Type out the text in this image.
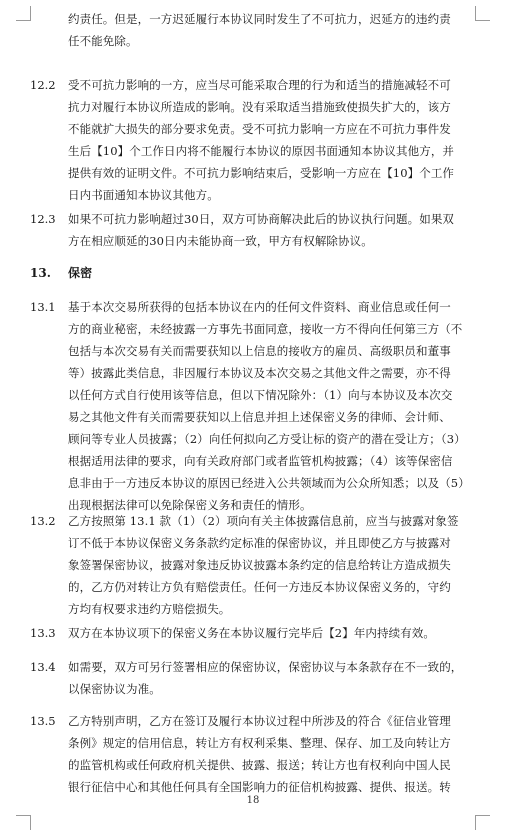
约责任。但是，一方迟延履行本协议同时发生了不可抗力，迟延方的违约责
任不能免除。
12.2	受不可抗力影响的一方，应当尽可能采取合理的行为和适当的措施减轻不可
抗力对履行本协议所造成的影响。没有采取适当措施致使损失扩大的，该方
不能就扩大损失的部分要求免责。受不可抗力影响一方应在不可抗力事件发
生后【10】个工作日内将不能履行本协议的原因书面通知本协议其他方，并
提供有效的证明文件。不可抗力影响结束后，受影响一方应在【10】个工作
日内书面通知本协议其他方。
12.3	如果不可抗力影响超过30日，双方可协商解决此后的协议执行问题。如果双
方在相应顺延的30日内未能协商一致，甲方有权解除协议。
13.	保密
13.1	基于本次交易所获得的包括本协议在内的任何文件资料、商业信息或任何一
方的商业秘密，未经披露一方事先书面同意，接收一方不得向任何第三方（不
包括与本次交易有关而需要获知以上信息的接收方的雇员、高级职员和董事
等）披露此类信息，非因履行本协议及本次交易之其他文件之需要，亦不得
以任何方式自行使用该等信息，但以下情况除外：（1）向与本协议及本次交
易之其他文件有关而需要获知以上信息并担上述保密义务的律师、会计师、
顾问等专业人员披露；（2）向任何拟向乙方受让标的资产的潜在受让方；（3）
根据适用法律的要求，向有关政府部门或者监管机构披露；（4）该等保密信
息非由于一方违反本协议的原因已经进入公共领域而为公众所知悉；以及（5）
出现根据法律可以免除保密义务和责任的情形。
13.2	乙方按照第 13.1 款（1）（2）项向有关主体披露信息前，应当与披露对象签
订不低于本协议保密义务条款约定标准的保密协议，并且即使乙方与披露对
象签署保密协议，披露对象违反协议披露本条约定的信息给转让方造成损失
的，乙方仍对转让方负有赔偿责任。任何一方违反本协议保密义务的，守约
方均有权要求违约方赔偿损失。
13.3	双方在本协议项下的保密义务在本协议履行完毕后【2】年内持续有效。
13.4	如需要，双方可另行签署相应的保密协议，保密协议与本条款存在不一致的，
以保密协议为准。
13.5	乙方特别声明，乙方在签订及履行本协议过程中所涉及的符合《征信业管理
条例》规定的信用信息，转让方有权利采集、整理、保存、加工及向转让方
的监管机构或任何政府机关提供、披露、报送；转让方也有权利向中国人民
银行征信中心和其他任何具有全国影响力的征信机构披露、提供、报送。转
18
